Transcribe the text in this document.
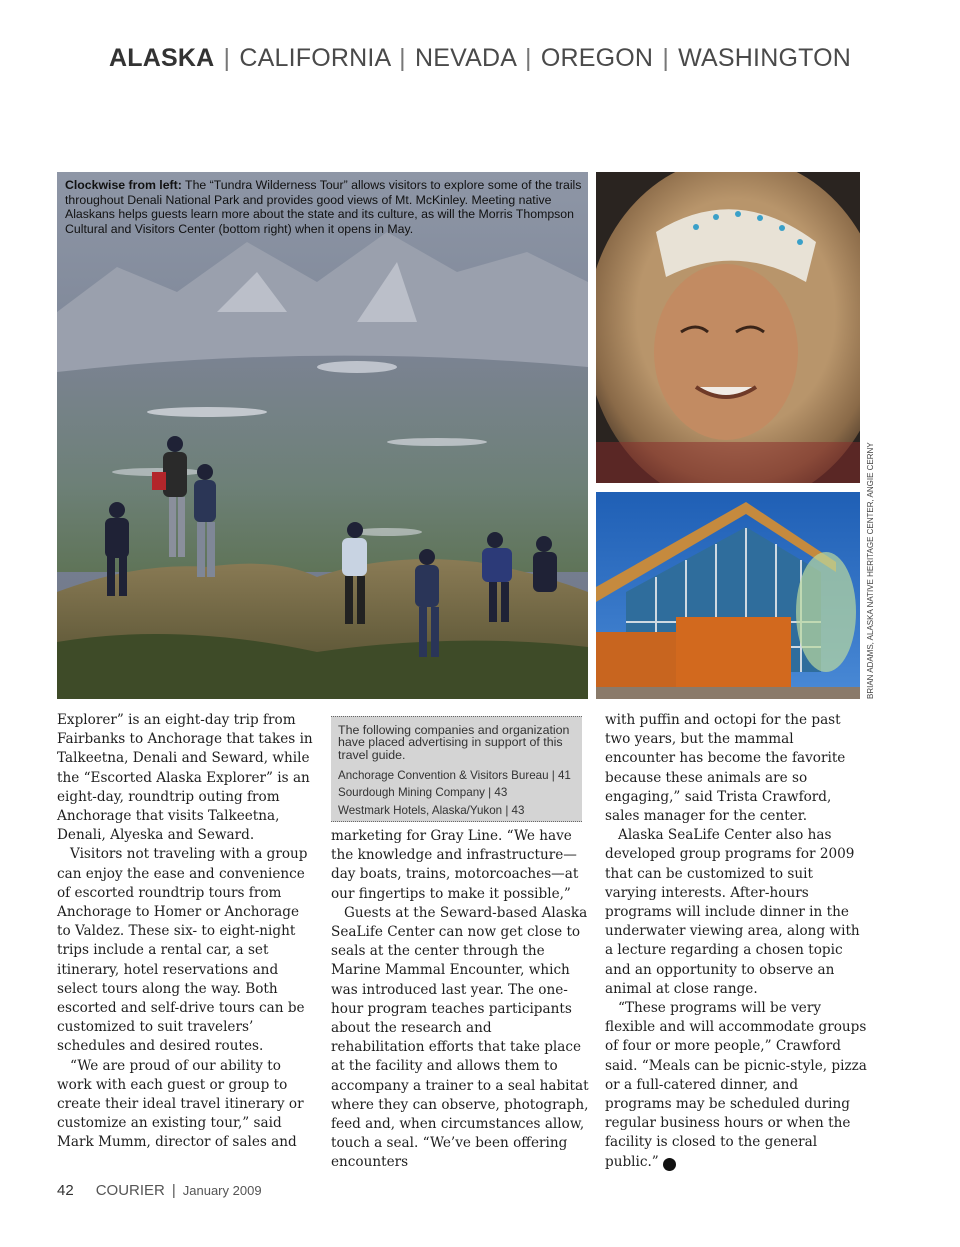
ALASKA | CALIFORNIA | NEVADA | OREGON | WASHINGTON
Clockwise from left: The “Tundra Wilderness Tour” allows visitors to explore some of the trails throughout Denali National Park and provides good views of Mt. McKinley. Meeting native Alaskans helps guests learn more about the state and its culture, as will the Morris Thompson Cultural and Visitors Center (bottom right) when it opens in May.
BRIAN ADAMS, ALASKA NATIVE HERITAGE CENTER, ANGIE CERNY

Explorer” is an eight-day trip from Fairbanks to Anchorage that takes in Talkeetna, Denali and Seward, while the “Escorted Alaska Explorer” is an eight-day, roundtrip outing from Anchorage that visits Talkeetna, Denali, Alyeska and Seward.

Visitors not traveling with a group can enjoy the ease and convenience of escorted roundtrip tours from Anchorage to Homer or Anchorage to Valdez. These six- to eight-night trips include a rental car, a set itinerary, hotel reservations and select tours along the way. Both escorted and self-drive tours can be customized to suit travelers’ schedules and desired routes.

“We are proud of our ability to work with each guest or group to create their ideal travel itinerary or customize an existing tour,” said Mark Mumm, director of sales and

The following companies and organization have placed advertising in support of this travel guide.
Anchorage Convention & Visitors Bureau | 41
Sourdough Mining Company | 43
Westmark Hotels, Alaska/Yukon | 43

marketing for Gray Line. “We have the knowledge and infrastructure—day boats, trains, motorcoaches—at our fingertips to make it possible,”

Guests at the Seward-based Alaska SeaLife Center can now get close to seals at the center through the Marine Mammal Encounter, which was introduced last year. The one-hour program teaches participants about the research and rehabilitation efforts that take place at the facility and allows them to accompany a trainer to a seal habitat where they can observe, photograph, feed and, when circumstances allow, touch a seal. “We’ve been offering encounters

with puffin and octopi for the past two years, but the mammal encounter has become the favorite because these animals are so engaging,” said Trista Crawford, sales manager for the center.

Alaska SeaLife Center also has developed group programs for 2009 that can be customized to suit varying interests. After-hours programs will include dinner in the underwater viewing area, along with a lecture regarding a chosen topic and an opportunity to observe an animal at close range.

“These programs will be very flexible and will accommodate groups of four or more people,” Crawford said. “Meals can be picnic-style, pizza or a full-catered dinner, and programs may be scheduled during regular business hours or when the facility is closed to the general public.” C

42 COURIER | January 2009
